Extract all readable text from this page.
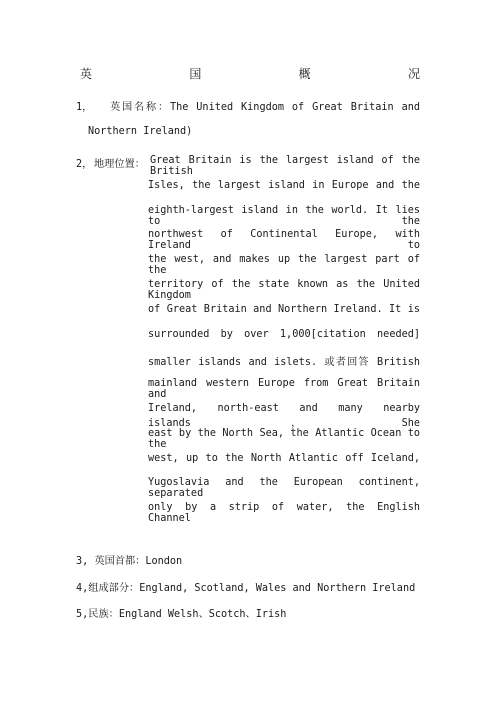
英	国	概	况
1， 英国名称：The United Kingdom of Great Britain and
Northern Ireland)
2， 地理位置： Great Britain is the largest island of the British
Isles, the largest island in Europe and the
eighth-largest island in the world. It lies to the
northwest of Continental Europe, with Ireland to
the west, and makes up the largest part of the
territory of the state known as the United Kingdom
of Great Britain and Northern Ireland. It is
surrounded by over 1,000[citation needed]
smaller islands and islets. 或者回答 British
mainland western Europe from Great Britain and
Ireland, north-east and many nearby islands，She
east by the North Sea, the Atlantic Ocean to the
west, up to the North Atlantic off Iceland,
Yugoslavia and the European continent, separated
only by a strip of water, the English Channel
3, 英国首都：London
4,组成部分：England, Scotland, Wales and Northern Ireland
5,民族：England Welsh、Scotch、Irish
